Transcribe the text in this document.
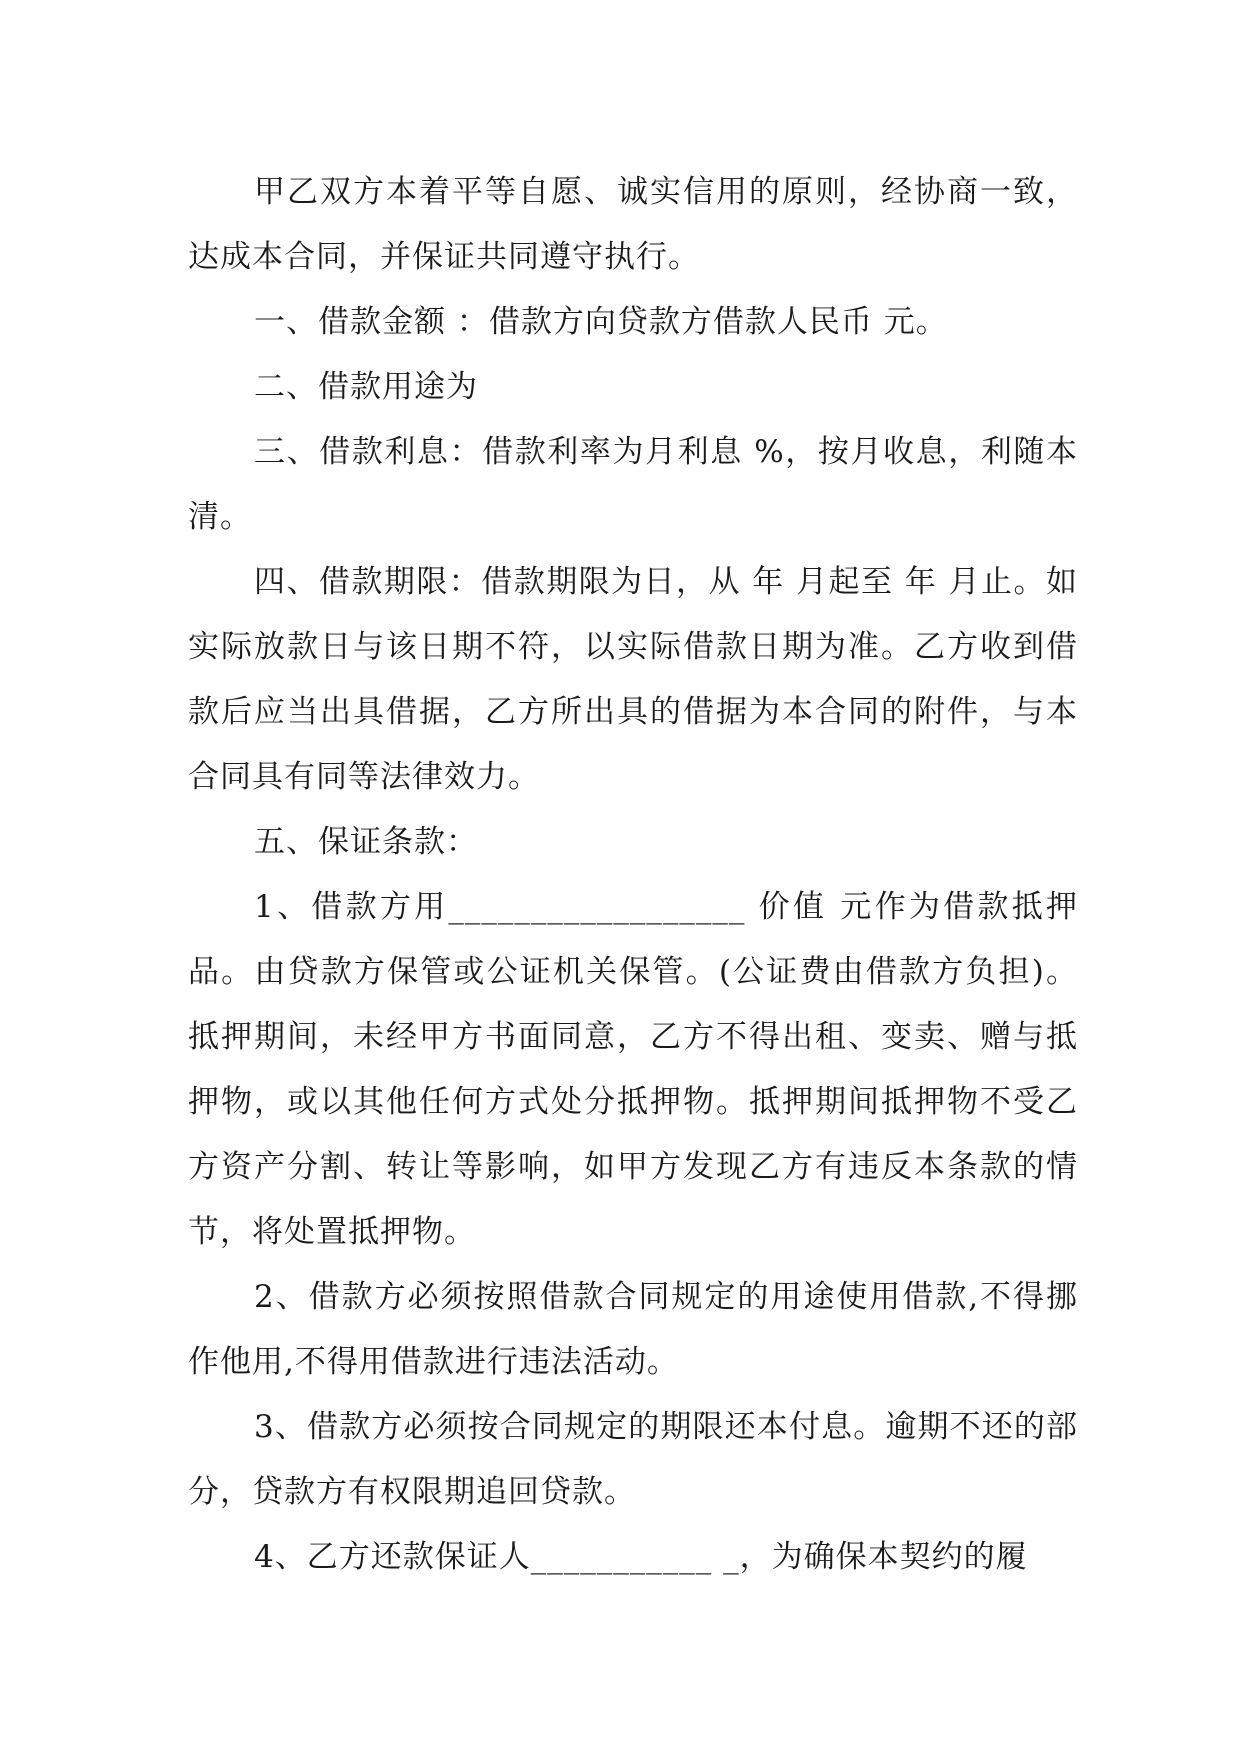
甲乙双方本着平等自愿、诚实信用的原则，经协商一致，达成本合同，并保证共同遵守执行。

一、借款金额 ：借款方向贷款方借款人民币 元。

二、借款用途为

三、借款利息：借款利率为月利息 %，按月收息，利随本清。

四、借款期限：借款期限为日，从 年 月起至 年 月止。如实际放款日与该日期不符，以实际借款日期为准。乙方收到借款后应当出具借据，乙方所出具的借据为本合同的附件，与本合同具有同等法律效力。

五、保证条款：

1、借款方用__________________ 价值 元作为借款抵押品。由贷款方保管或公证机关保管。(公证费由借款方负担)。抵押期间，未经甲方书面同意，乙方不得出租、变卖、赠与抵押物，或以其他任何方式处分抵押物。抵押期间抵押物不受乙方资产分割、转让等影响，如甲方发现乙方有违反本条款的情节，将处置抵押物。

2、借款方必须按照借款合同规定的用途使用借款,不得挪作他用,不得用借款进行违法活动。

3、借款方必须按合同规定的期限还本付息。逾期不还的部分，贷款方有权限期追回贷款。

4、乙方还款保证人___________ _，为确保本契约的履
